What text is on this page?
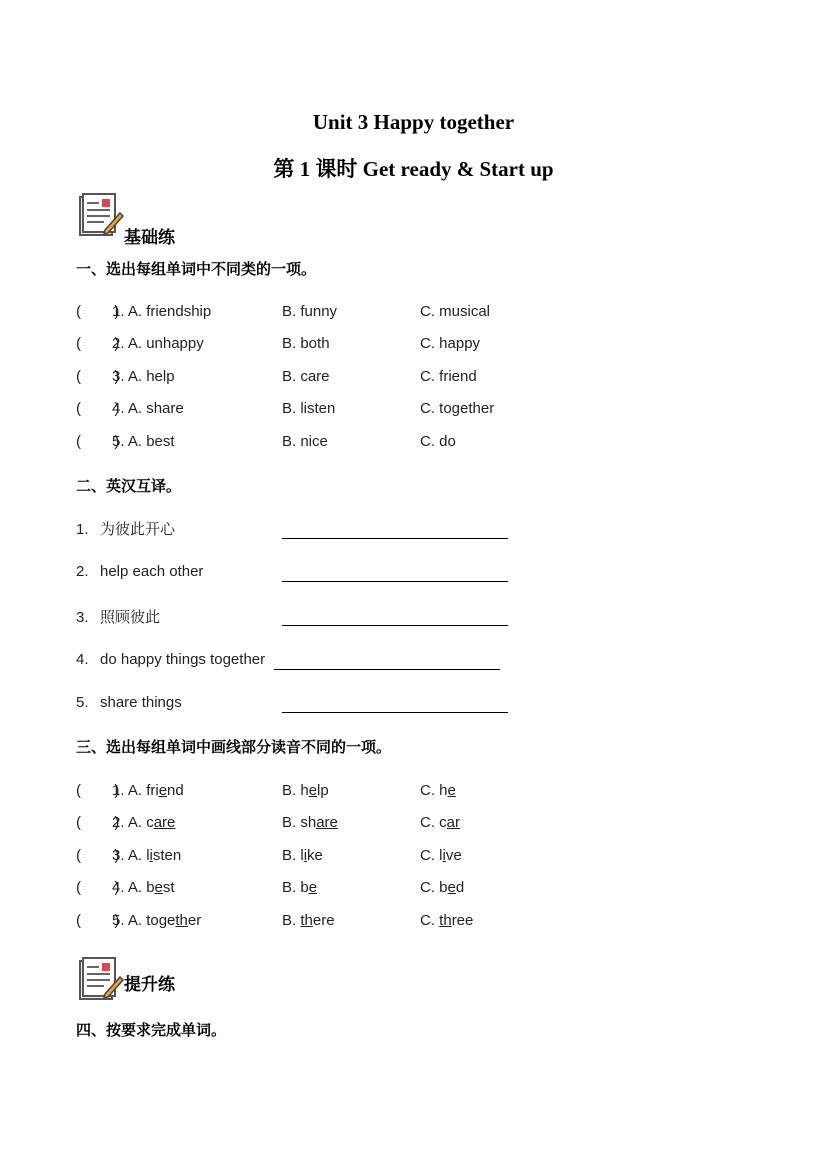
Unit 3 Happy together
第 1 课时 Get ready & Start up
基础练
一、选出每组单词中不同类的一项。
(        )
1. A. friendship	B. funny	C. musical
(        )
2. A. unhappy	B. both	C. happy
(        )
3. A. help	B. care	C. friend
(        )
4. A. share	B. listen	C. together
(        )
5. A. best	B. nice	C. do
二、英汉互译。
1. 为彼此开心
2. help each other
3. 照顾彼此
4. do happy things together
5. share things
三、选出每组单词中画线部分读音不同的一项。
(        )
1. A. friend	B. help	C. he
(        )
2. A. care	B. share	C. car
(        )
3. A. listen	B. like	C. live
(        )
4. A. best	B. be	C. bed
(        )
5. A. together	B. there	C. three
提升练
四、按要求完成单词。
